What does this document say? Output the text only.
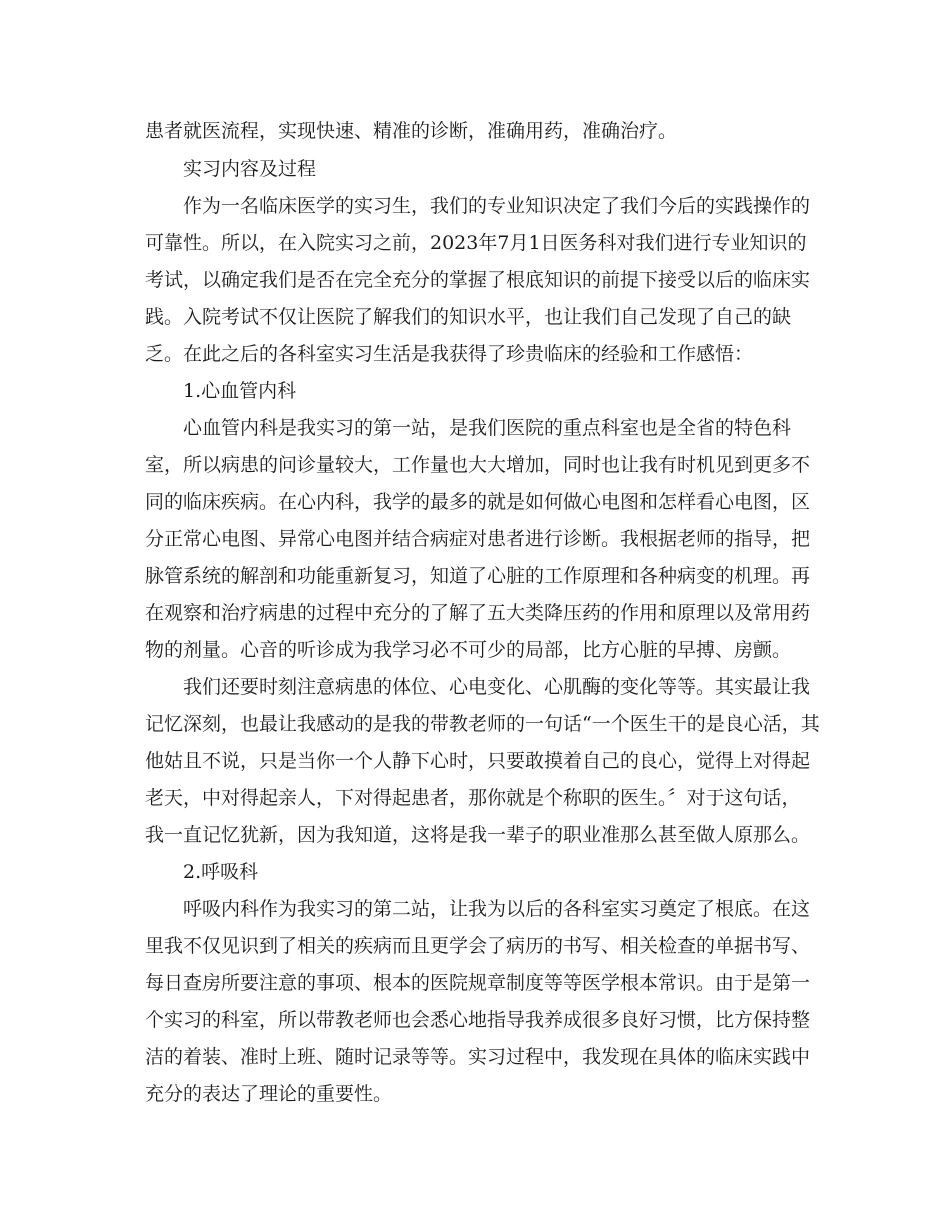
患者就医流程，实现快速、精准的诊断，准确用药，准确治疗。
实习内容及过程
作为一名临床医学的实习生，我们的专业知识决定了我们今后的实践操作的
可靠性。所以，在入院实习之前，2023年7月1日医务科对我们进行专业知识的
考试，以确定我们是否在完全充分的掌握了根底知识的前提下接受以后的临床实
践。入院考试不仅让医院了解我们的知识水平，也让我们自己发现了自己的缺
乏。在此之后的各科室实习生活是我获得了珍贵临床的经验和工作感悟：
1.心血管内科
心血管内科是我实习的第一站，是我们医院的重点科室也是全省的特色科
室，所以病患的问诊量较大，工作量也大大增加，同时也让我有时机见到更多不
同的临床疾病。在心内科，我学的最多的就是如何做心电图和怎样看心电图，区
分正常心电图、异常心电图并结合病症对患者进行诊断。我根据老师的指导，把
脉管系统的解剖和功能重新复习，知道了心脏的工作原理和各种病变的机理。再
在观察和治疗病患的过程中充分的了解了五大类降压药的作用和原理以及常用药
物的剂量。心音的听诊成为我学习必不可少的局部，比方心脏的早搏、房颤。
我们还要时刻注意病患的体位、心电变化、心肌酶的变化等等。其实最让我
记忆深刻，也最让我感动的是我的带教老师的一句话“一个医生干的是良心活，其
他姑且不说，只是当你一个人静下心时，只要敢摸着自己的良心，觉得上对得起
老天，中对得起亲人，下对得起患者，那你就是个称职的医生。〞对于这句话，
我一直记忆犹新，因为我知道，这将是我一辈子的职业准那么甚至做人原那么。
2.呼吸科
呼吸内科作为我实习的第二站，让我为以后的各科室实习奠定了根底。在这
里我不仅见识到了相关的疾病而且更学会了病历的书写、相关检查的单据书写、
每日查房所要注意的事项、根本的医院规章制度等等医学根本常识。由于是第一
个实习的科室，所以带教老师也会悉心地指导我养成很多良好习惯，比方保持整
洁的着装、准时上班、随时记录等等。实习过程中，我发现在具体的临床实践中
充分的表达了理论的重要性。
